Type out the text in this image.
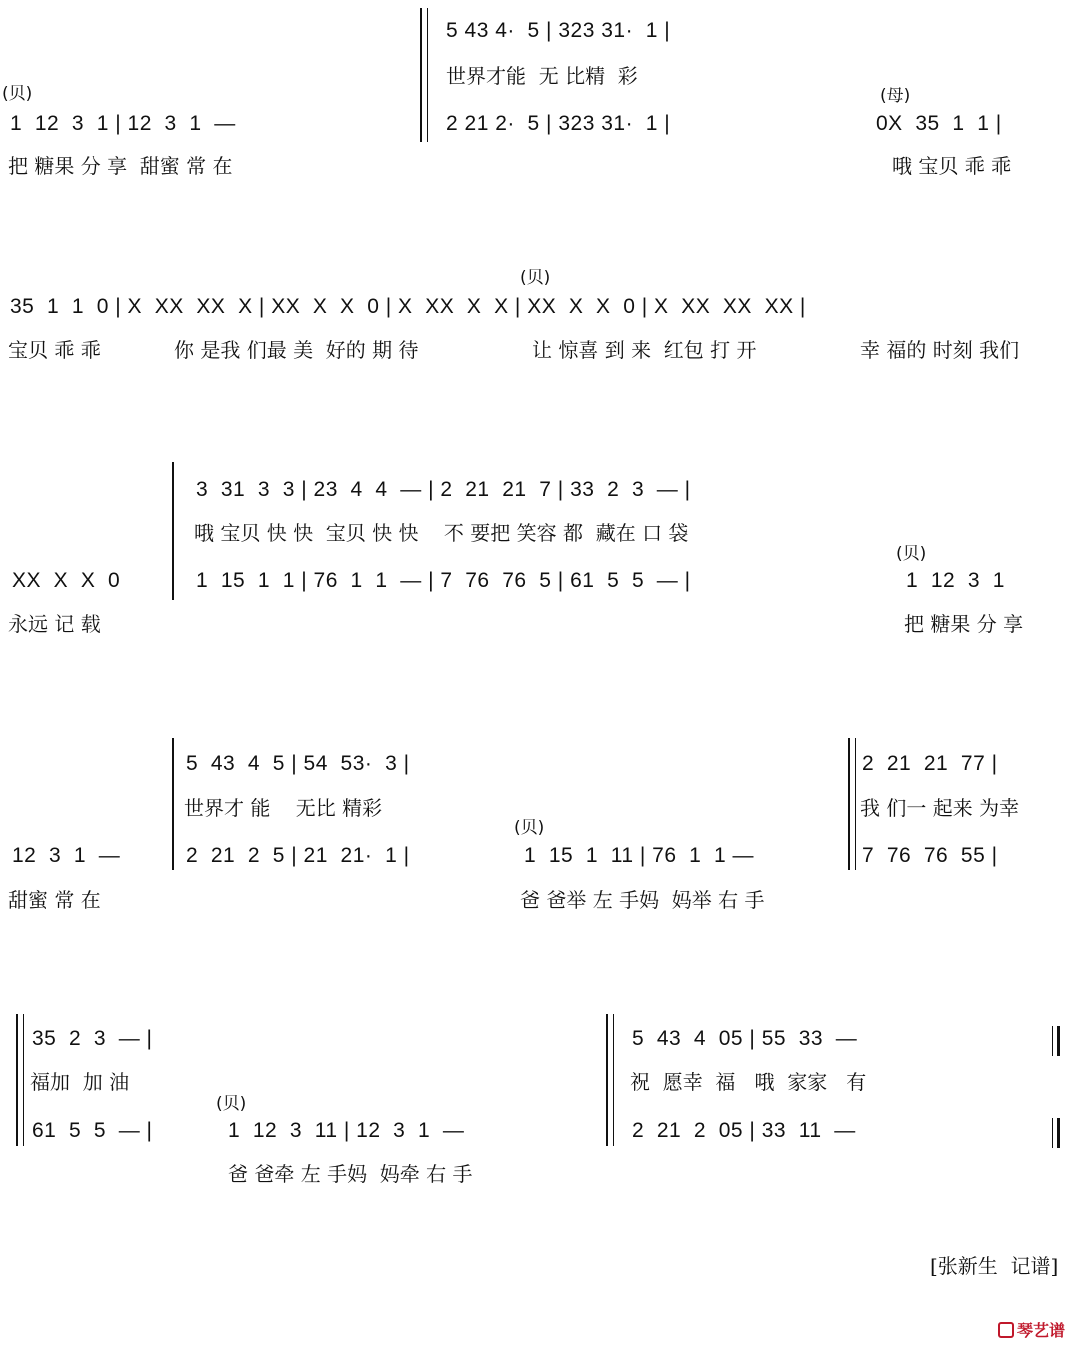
5 43 4·  5 | 323 31·  1 |
世界才能  无 比精  彩
(贝)
1  12  3  1 | 12  3  1  —	2 21 2·  5 | 323 31·  1 |
(母)
0X  35  1  1 |
把 糖果 分 享  甜蜜 常 在	哦 宝贝 乖 乖
(贝)
35  1  1  0 | X  XX  XX  X | XX  X  X  0 | X  XX  X  X | XX  X  X  0 | X  XX  XX  XX |
宝贝 乖 乖	你 是我 们最 美  好的 期 待	让 惊喜 到 来  红包 打 开	幸 福的 时刻 我们
3  31  3  3 | 23  4  4  — | 2  21  21  7 | 33  2  3  — |
哦 宝贝 快 快  宝贝 快 快    不 要把 笑容 都  藏在 口 袋
XX  X  X  0	1  15  1  1 | 76  1  1  — | 7  76  76  5 | 61  5  5  — |
(贝)
1  12  3  1
永远 记 载	把 糖果 分 享
5  43  4  5 | 54  53·  3 |
世界才 能    无比 精彩
2  21  21  77 |
我 们一 起来 为幸
12  3  1  —	2  21  2  5 | 21  21·  1 |
(贝)
1  15  1  11 | 76  1  1 —	7  76  76  55 |
甜蜜 常 在	爸 爸举 左 手妈  妈举 右 手
35  2  3  — |
福加  加 油
61  5  5  — |
(贝)
1  12  3  11 | 12  3  1  —
爸 爸牵 左 手妈  妈牵 右 手
5  43  4  05 | 55  33  —
祝  愿幸  福   哦  家家   有
2  21  2  05 | 33  11  —
[张新生  记谱]
琴艺谱
